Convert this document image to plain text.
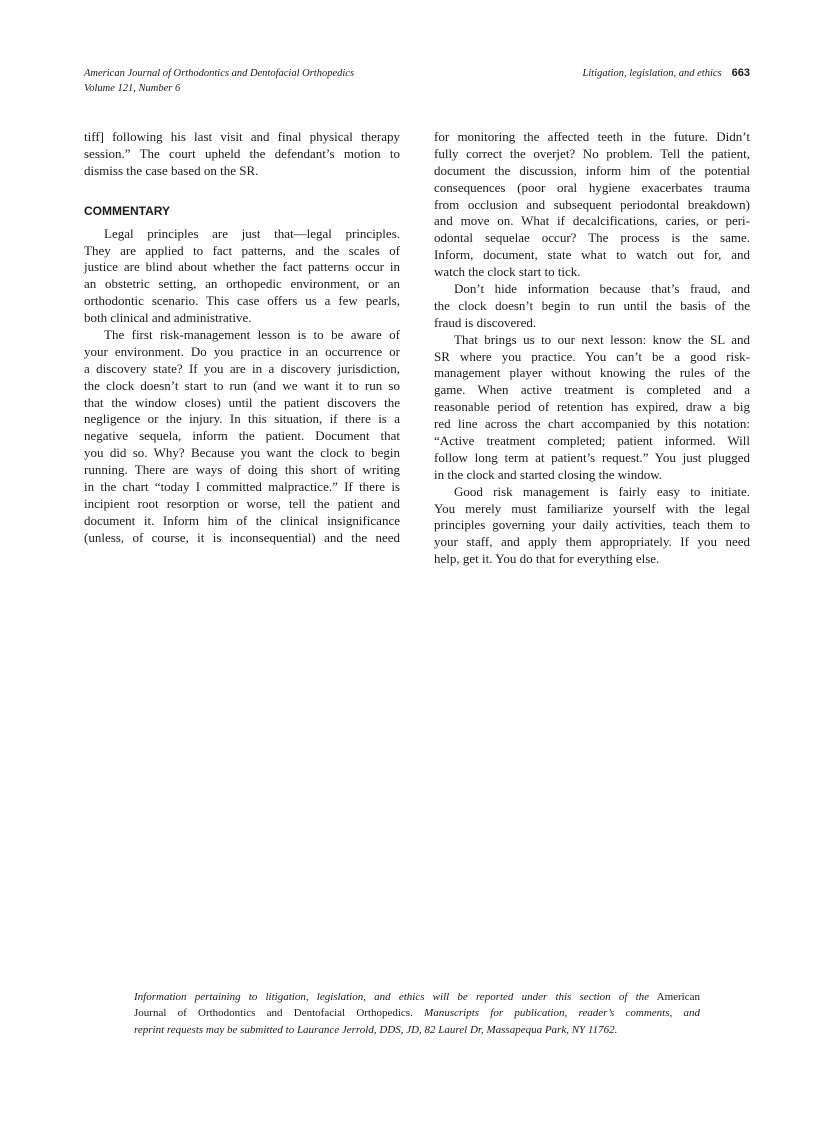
American Journal of Orthodontics and Dentofacial Orthopedics
Volume 121, Number 6
Litigation, legislation, and ethics 663
tiff] following his last visit and final physical therapy
session.” The court upheld the defendant’s motion to
dismiss the case based on the SR.
COMMENTARY
Legal principles are just that—legal principles.
They are applied to fact patterns, and the scales of
justice are blind about whether the fact patterns occur in
an obstetric setting, an orthopedic environment, or an
orthodontic scenario. This case offers us a few pearls,
both clinical and administrative.
The first risk-management lesson is to be aware of
your environment. Do you practice in an occurrence or
a discovery state? If you are in a discovery jurisdiction,
the clock doesn’t start to run (and we want it to run so
that the window closes) until the patient discovers the
negligence or the injury. In this situation, if there is a
negative sequela, inform the patient. Document that
you did so. Why? Because you want the clock to begin
running. There are ways of doing this short of writing
in the chart “today I committed malpractice.” If there is
incipient root resorption or worse, tell the patient and
document it. Inform him of the clinical insignificance
(unless, of course, it is inconsequential) and the need
for monitoring the affected teeth in the future. Didn’t
fully correct the overjet? No problem. Tell the patient,
document the discussion, inform him of the potential
consequences (poor oral hygiene exacerbates trauma
from occlusion and subsequent periodontal breakdown)
and move on. What if decalcifications, caries, or peri-
odontal sequelae occur? The process is the same.
Inform, document, state what to watch out for, and
watch the clock start to tick.
Don’t hide information because that’s fraud, and
the clock doesn’t begin to run until the basis of the
fraud is discovered.
That brings us to our next lesson: know the SL and
SR where you practice. You can’t be a good risk-
management player without knowing the rules of the
game. When active treatment is completed and a
reasonable period of retention has expired, draw a big
red line across the chart accompanied by this notation:
“Active treatment completed; patient informed. Will
follow long term at patient’s request.” You just plugged
in the clock and started closing the window.
Good risk management is fairly easy to initiate.
You merely must familiarize yourself with the legal
principles governing your daily activities, teach them to
your staff, and apply them appropriately. If you need
help, get it. You do that for everything else.
Information pertaining to litigation, legislation, and ethics will be reported under this section of the American
Journal of Orthodontics and Dentofacial Orthopedics. Manuscripts for publication, reader’s comments, and
reprint requests may be submitted to Laurance Jerrold, DDS, JD, 82 Laurel Dr, Massapequa Park, NY 11762.
